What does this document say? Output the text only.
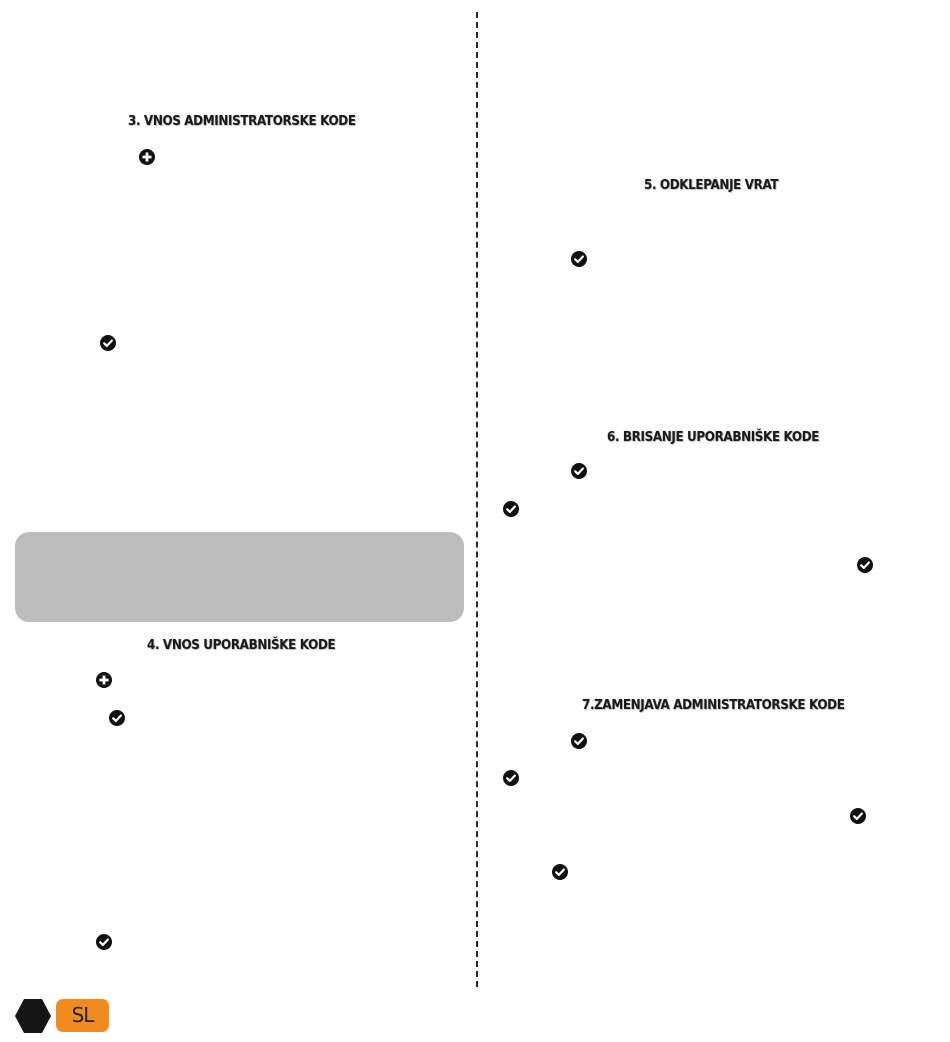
3. VNOS ADMINISTRATORSKE KODE
4. VNOS UPORABNIŠKE KODE
5. ODKLEPANJE VRAT
6. BRISANJE UPORABNIŠKE KODE
7.ZAMENJAVA ADMINISTRATORSKE KODE
SL
